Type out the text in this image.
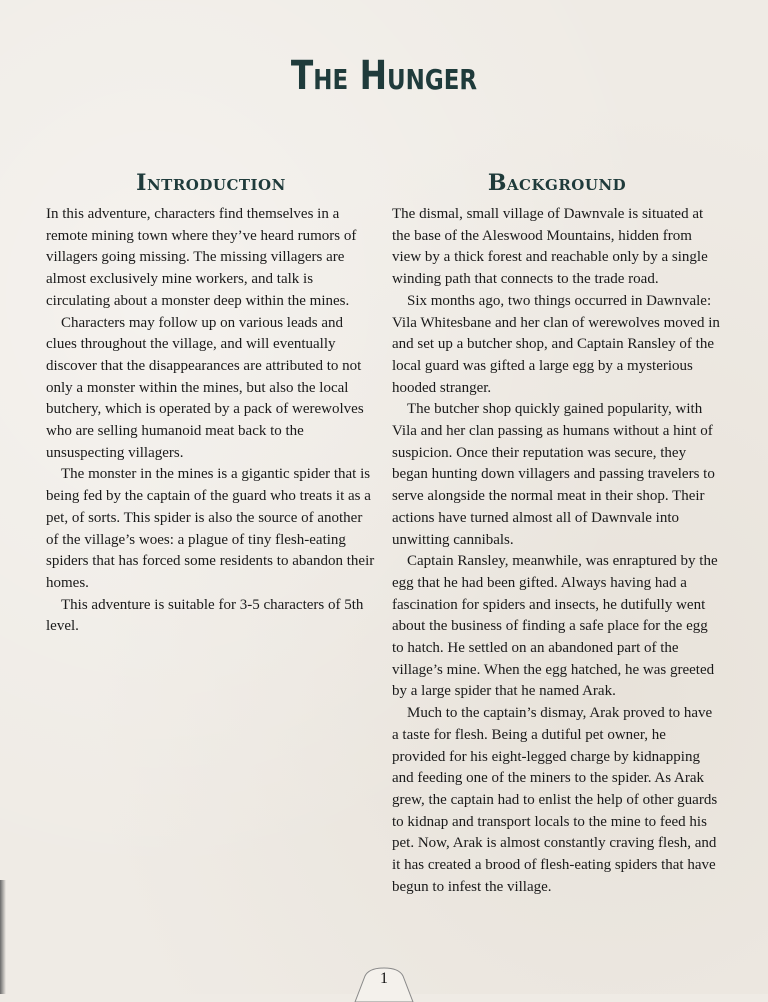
The Hunger
Introduction

In this adventure, characters find themselves in a remote mining town where they’ve heard rumors of villagers going missing. The missing villagers are almost exclusively mine workers, and talk is circulating about a monster deep within the mines.

Characters may follow up on various leads and clues throughout the village, and will eventually discover that the disappearances are attributed to not only a monster within the mines, but also the local butchery, which is operated by a pack of werewolves who are selling humanoid meat back to the unsuspecting villagers.

The monster in the mines is a gigantic spider that is being fed by the captain of the guard who treats it as a pet, of sorts. This spider is also the source of another of the village’s woes: a plague of tiny flesh-eating spiders that has forced some residents to abandon their homes.

This adventure is suitable for 3-5 characters of 5th level.

Background

The dismal, small village of Dawnvale is situated at the base of the Aleswood Mountains, hidden from view by a thick forest and reachable only by a single winding path that connects to the trade road.

Six months ago, two things occurred in Dawnvale: Vila Whitesbane and her clan of werewolves moved in and set up a butcher shop, and Captain Ransley of the local guard was gifted a large egg by a mysterious hooded stranger.

The butcher shop quickly gained popularity, with Vila and her clan passing as humans without a hint of suspicion. Once their reputation was secure, they began hunting down villagers and passing travelers to serve alongside the normal meat in their shop. Their actions have turned almost all of Dawnvale into unwitting cannibals.

Captain Ransley, meanwhile, was enraptured by the egg that he had been gifted. Always having had a fascination for spiders and insects, he dutifully went about the business of finding a safe place for the egg to hatch. He settled on an abandoned part of the village’s mine. When the egg hatched, he was greeted by a large spider that he named Arak.

Much to the captain’s dismay, Arak proved to have a taste for flesh. Being a dutiful pet owner, he provided for his eight-legged charge by kidnapping and feeding one of the miners to the spider. As Arak grew, the captain had to enlist the help of other guards to kidnap and transport locals to the mine to feed his pet. Now, Arak is almost constantly craving flesh, and it has created a brood of flesh-eating spiders that have begun to infest the village.

1
